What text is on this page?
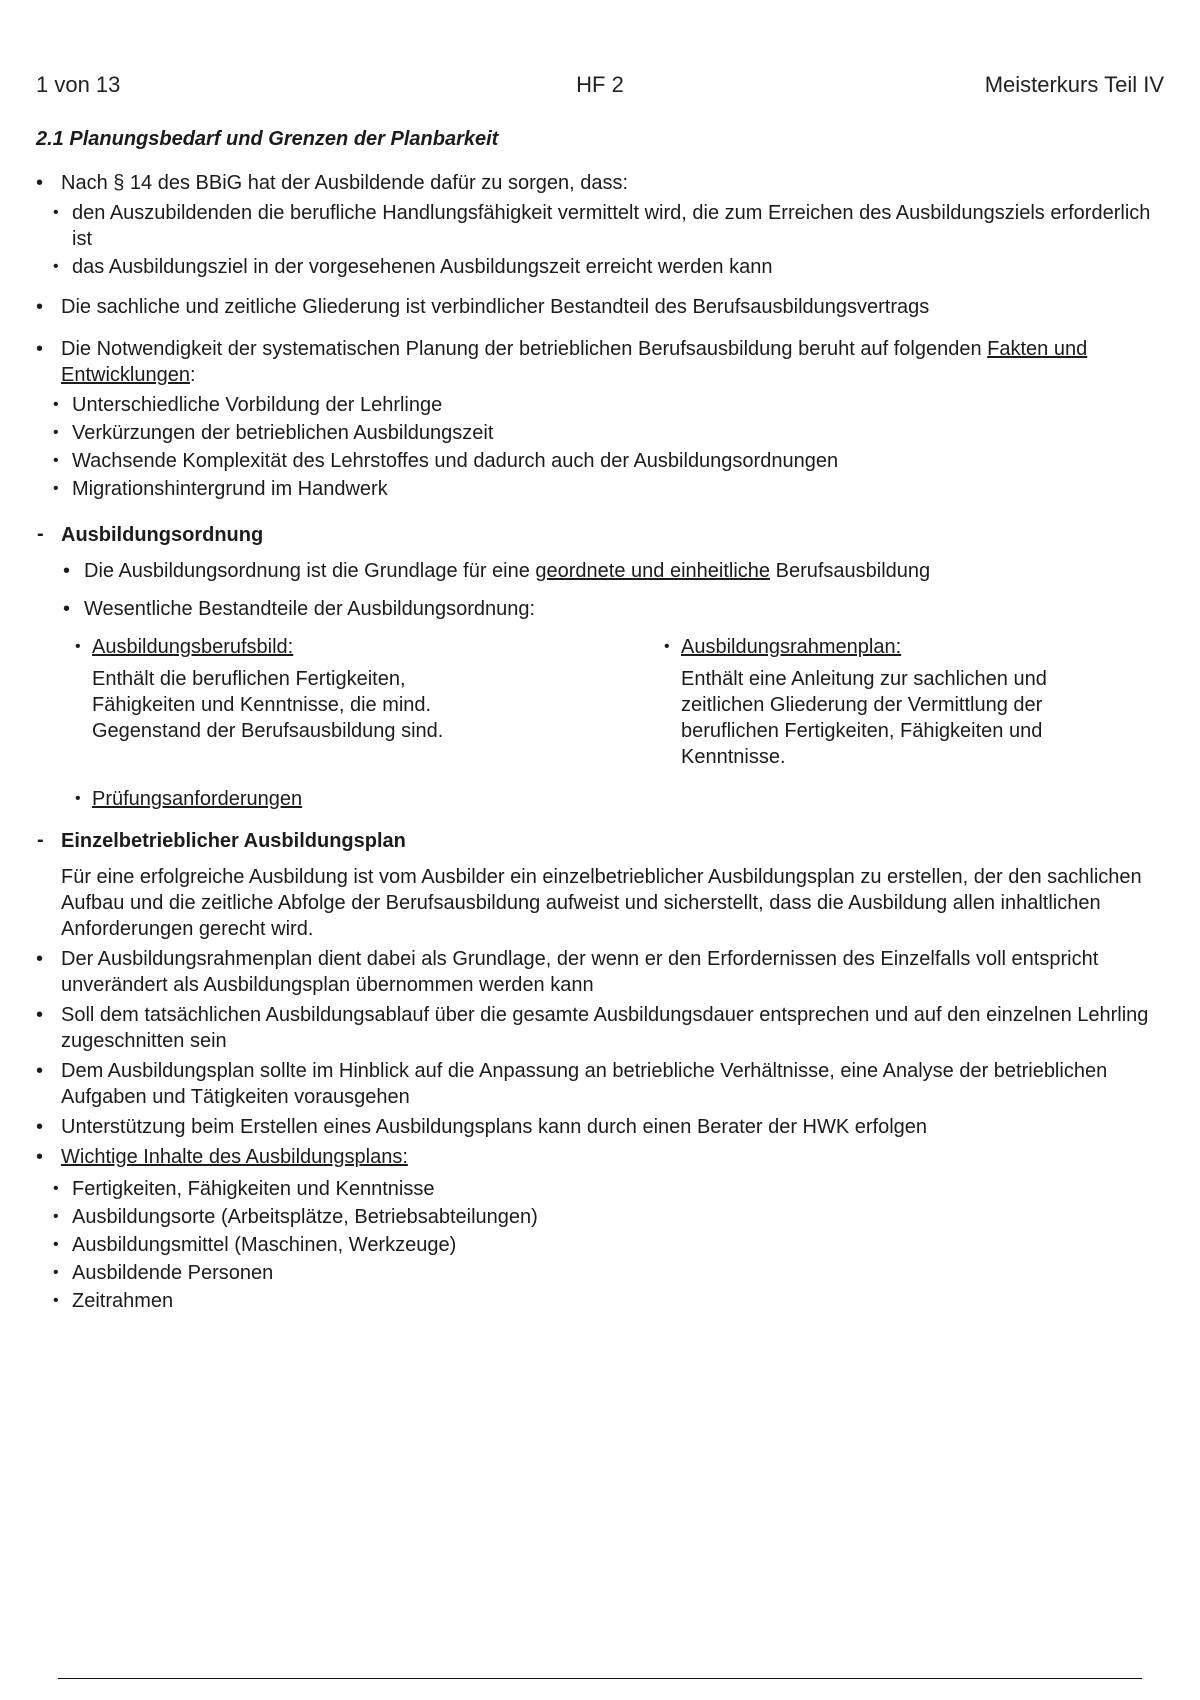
1 von 13	HF 2	Meisterkurs Teil IV
2.1 Planungsbedarf und Grenzen der Planbarkeit
• Nach § 14 des BBiG hat der Ausbildende dafür zu sorgen, dass:
• den Auszubildenden die berufliche Handlungsfähigkeit vermittelt wird, die zum Erreichen des Ausbildungsziels erforderlich ist
• das Ausbildungsziel in der vorgesehenen Ausbildungszeit erreicht werden kann
• Die sachliche und zeitliche Gliederung ist verbindlicher Bestandteil des Berufsausbildungsvertrags
• Die Notwendigkeit der systematischen Planung der betrieblichen Berufsausbildung beruht auf folgenden Fakten und Entwicklungen:
• Unterschiedliche Vorbildung der Lehrlinge
• Verkürzungen der betrieblichen Ausbildungszeit
• Wachsende Komplexität des Lehrstoffes und dadurch auch der Ausbildungsordnungen
• Migrationshintergrund im Handwerk
- Ausbildungsordnung
• Die Ausbildungsordnung ist die Grundlage für eine geordnete und einheitliche Berufsausbildung
• Wesentliche Bestandteile der Ausbildungsordnung:
• Ausbildungsberufsbild:
Enthält die beruflichen Fertigkeiten,
Fähigkeiten und Kenntnisse, die mind.
Gegenstand der Berufsausbildung sind.
• Ausbildungsrahmenplan:
Enthält eine Anleitung zur sachlichen und
zeitlichen Gliederung der Vermittlung der
beruflichen Fertigkeiten, Fähigkeiten und
Kenntnisse.
• Prüfungsanforderungen
- Einzelbetrieblicher Ausbildungsplan
Für eine erfolgreiche Ausbildung ist vom Ausbilder ein einzelbetrieblicher Ausbildungsplan zu erstellen, der den sachlichen Aufbau und die zeitliche Abfolge der Berufsausbildung aufweist und sicherstellt, dass die Ausbildung allen inhaltlichen Anforderungen gerecht wird.
• Der Ausbildungsrahmenplan dient dabei als Grundlage, der wenn er den Erfordernissen des Einzelfalls voll entspricht unverändert als Ausbildungsplan übernommen werden kann
• Soll dem tatsächlichen Ausbildungsablauf über die gesamte Ausbildungsdauer entsprechen und auf den einzelnen Lehrling zugeschnitten sein
• Dem Ausbildungsplan sollte im Hinblick auf die Anpassung an betriebliche Verhältnisse, eine Analyse der betrieblichen Aufgaben und Tätigkeiten vorausgehen
• Unterstützung beim Erstellen eines Ausbildungsplans kann durch einen Berater der HWK erfolgen
• Wichtige Inhalte des Ausbildungsplans:
• Fertigkeiten, Fähigkeiten und Kenntnisse
• Ausbildungsorte (Arbeitsplätze, Betriebsabteilungen)
• Ausbildungsmittel (Maschinen, Werkzeuge)
• Ausbildende Personen
• Zeitrahmen
